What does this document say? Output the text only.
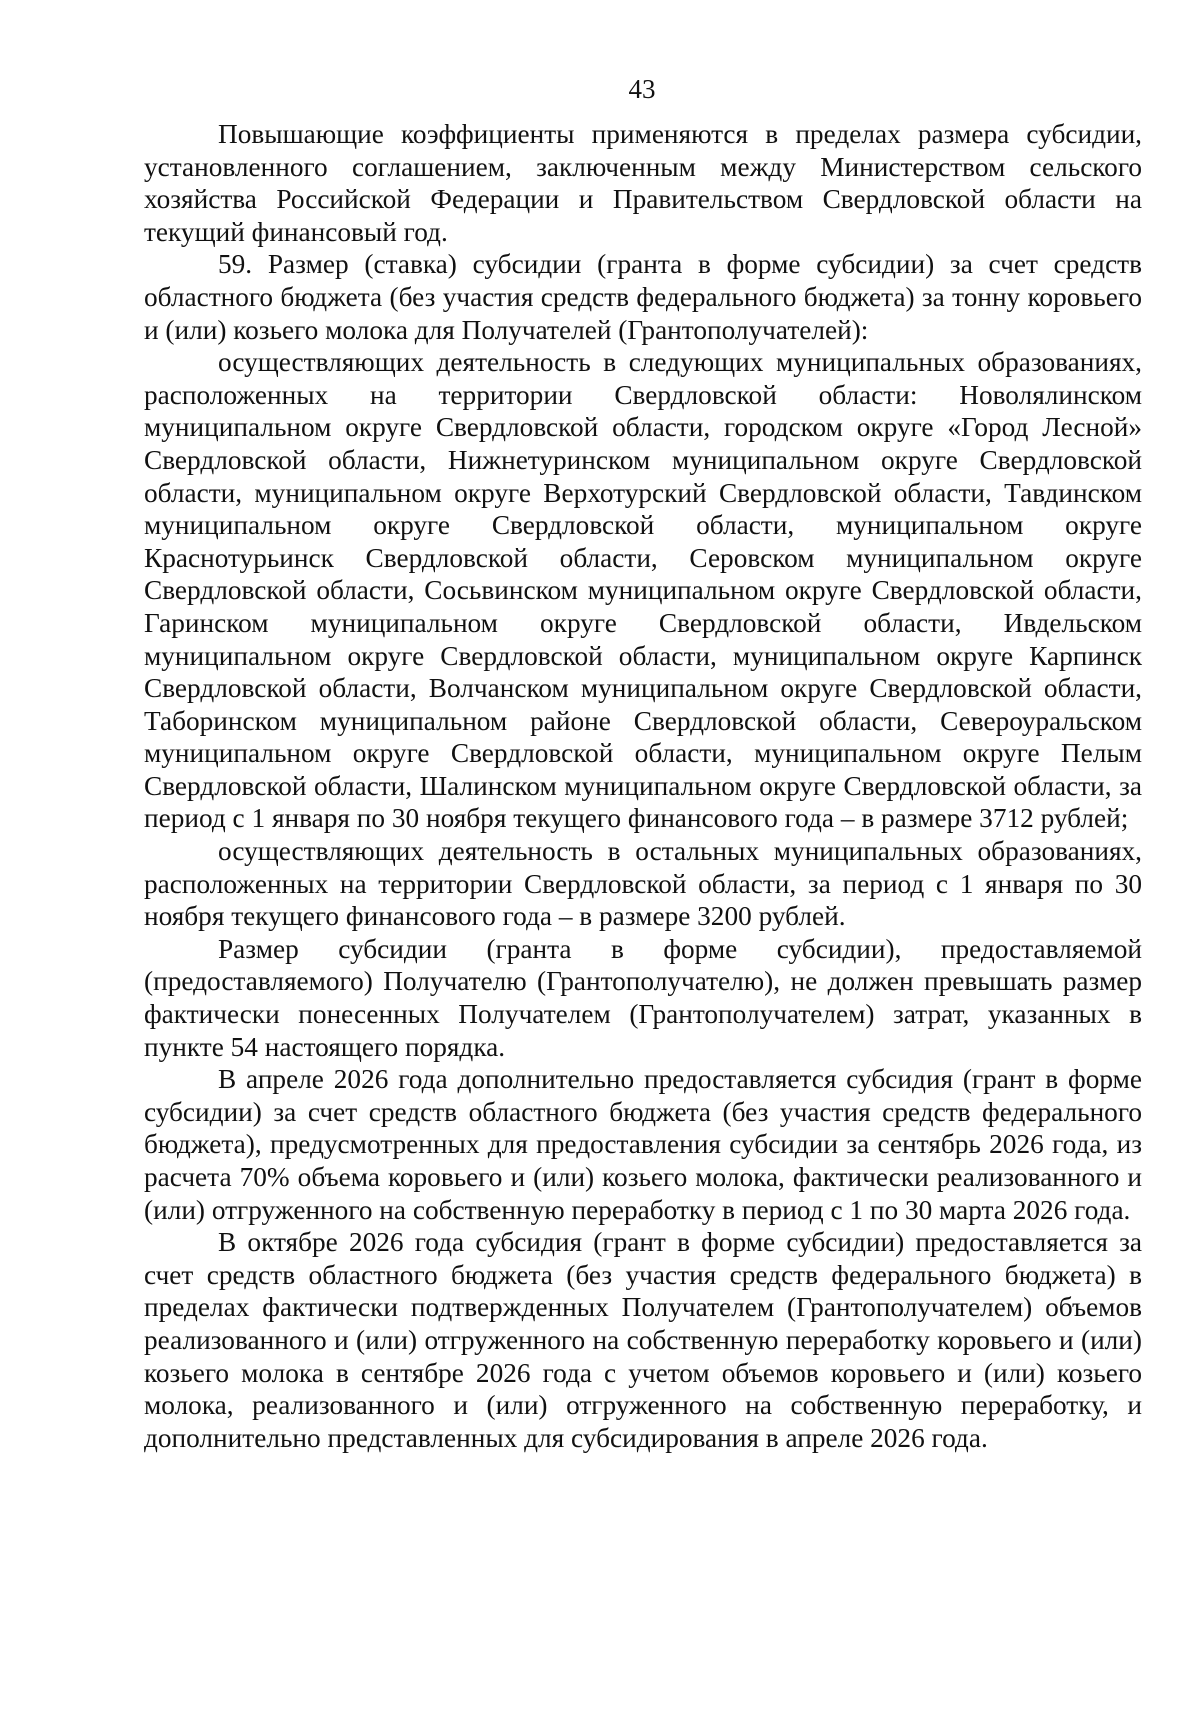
43

Повышающие коэффициенты применяются в пределах размера субсидии, установленного соглашением, заключенным между Министерством сельского хозяйства Российской Федерации и Правительством Свердловской области на текущий финансовый год.

59. Размер (ставка) субсидии (гранта в форме субсидии) за счет средств областного бюджета (без участия средств федерального бюджета) за тонну коровьего и (или) козьего молока для Получателей (Грантополучателей):

осуществляющих деятельность в следующих муниципальных образованиях, расположенных на территории Свердловской области: Новолялинском муниципальном округе Свердловской области, городском округе «Город Лесной» Свердловской области, Нижнетуринском муниципальном округе Свердловской области, муниципальном округе Верхотурский Свердловской области, Тавдинском муниципальном округе Свердловской области, муниципальном округе Краснотурьинск Свердловской области, Серовском муниципальном округе Свердловской области, Сосьвинском муниципальном округе Свердловской области, Гаринском муниципальном округе Свердловской области, Ивдельском муниципальном округе Свердловской области, муниципальном округе Карпинск Свердловской области, Волчанском муниципальном округе Свердловской области, Таборинском муниципальном районе Свердловской области, Североуральском муниципальном округе Свердловской области, муниципальном округе Пелым Свердловской области, Шалинском муниципальном округе Свердловской области, за период с 1 января по 30 ноября текущего финансового года – в размере 3712 рублей;

осуществляющих деятельность в остальных муниципальных образованиях, расположенных на территории Свердловской области, за период с 1 января по 30 ноября текущего финансового года – в размере 3200 рублей.

Размер субсидии (гранта в форме субсидии), предоставляемой (предоставляемого) Получателю (Грантополучателю), не должен превышать размер фактически понесенных Получателем (Грантополучателем) затрат, указанных в пункте 54 настоящего порядка.

В апреле 2026 года дополнительно предоставляется субсидия (грант в форме субсидии) за счет средств областного бюджета (без участия средств федерального бюджета), предусмотренных для предоставления субсидии за сентябрь 2026 года, из расчета 70% объема коровьего и (или) козьего молока, фактически реализованного и (или) отгруженного на собственную переработку в период с 1 по 30 марта 2026 года.

В октябре 2026 года субсидия (грант в форме субсидии) предоставляется за счет средств областного бюджета (без участия средств федерального бюджета) в пределах фактически подтвержденных Получателем (Грантополучателем) объемов реализованного и (или) отгруженного на собственную переработку коровьего и (или) козьего молока в сентябре 2026 года с учетом объемов коровьего и (или) козьего молока, реализованного и (или) отгруженного на собственную переработку, и дополнительно представленных для субсидирования в апреле 2026 года.
